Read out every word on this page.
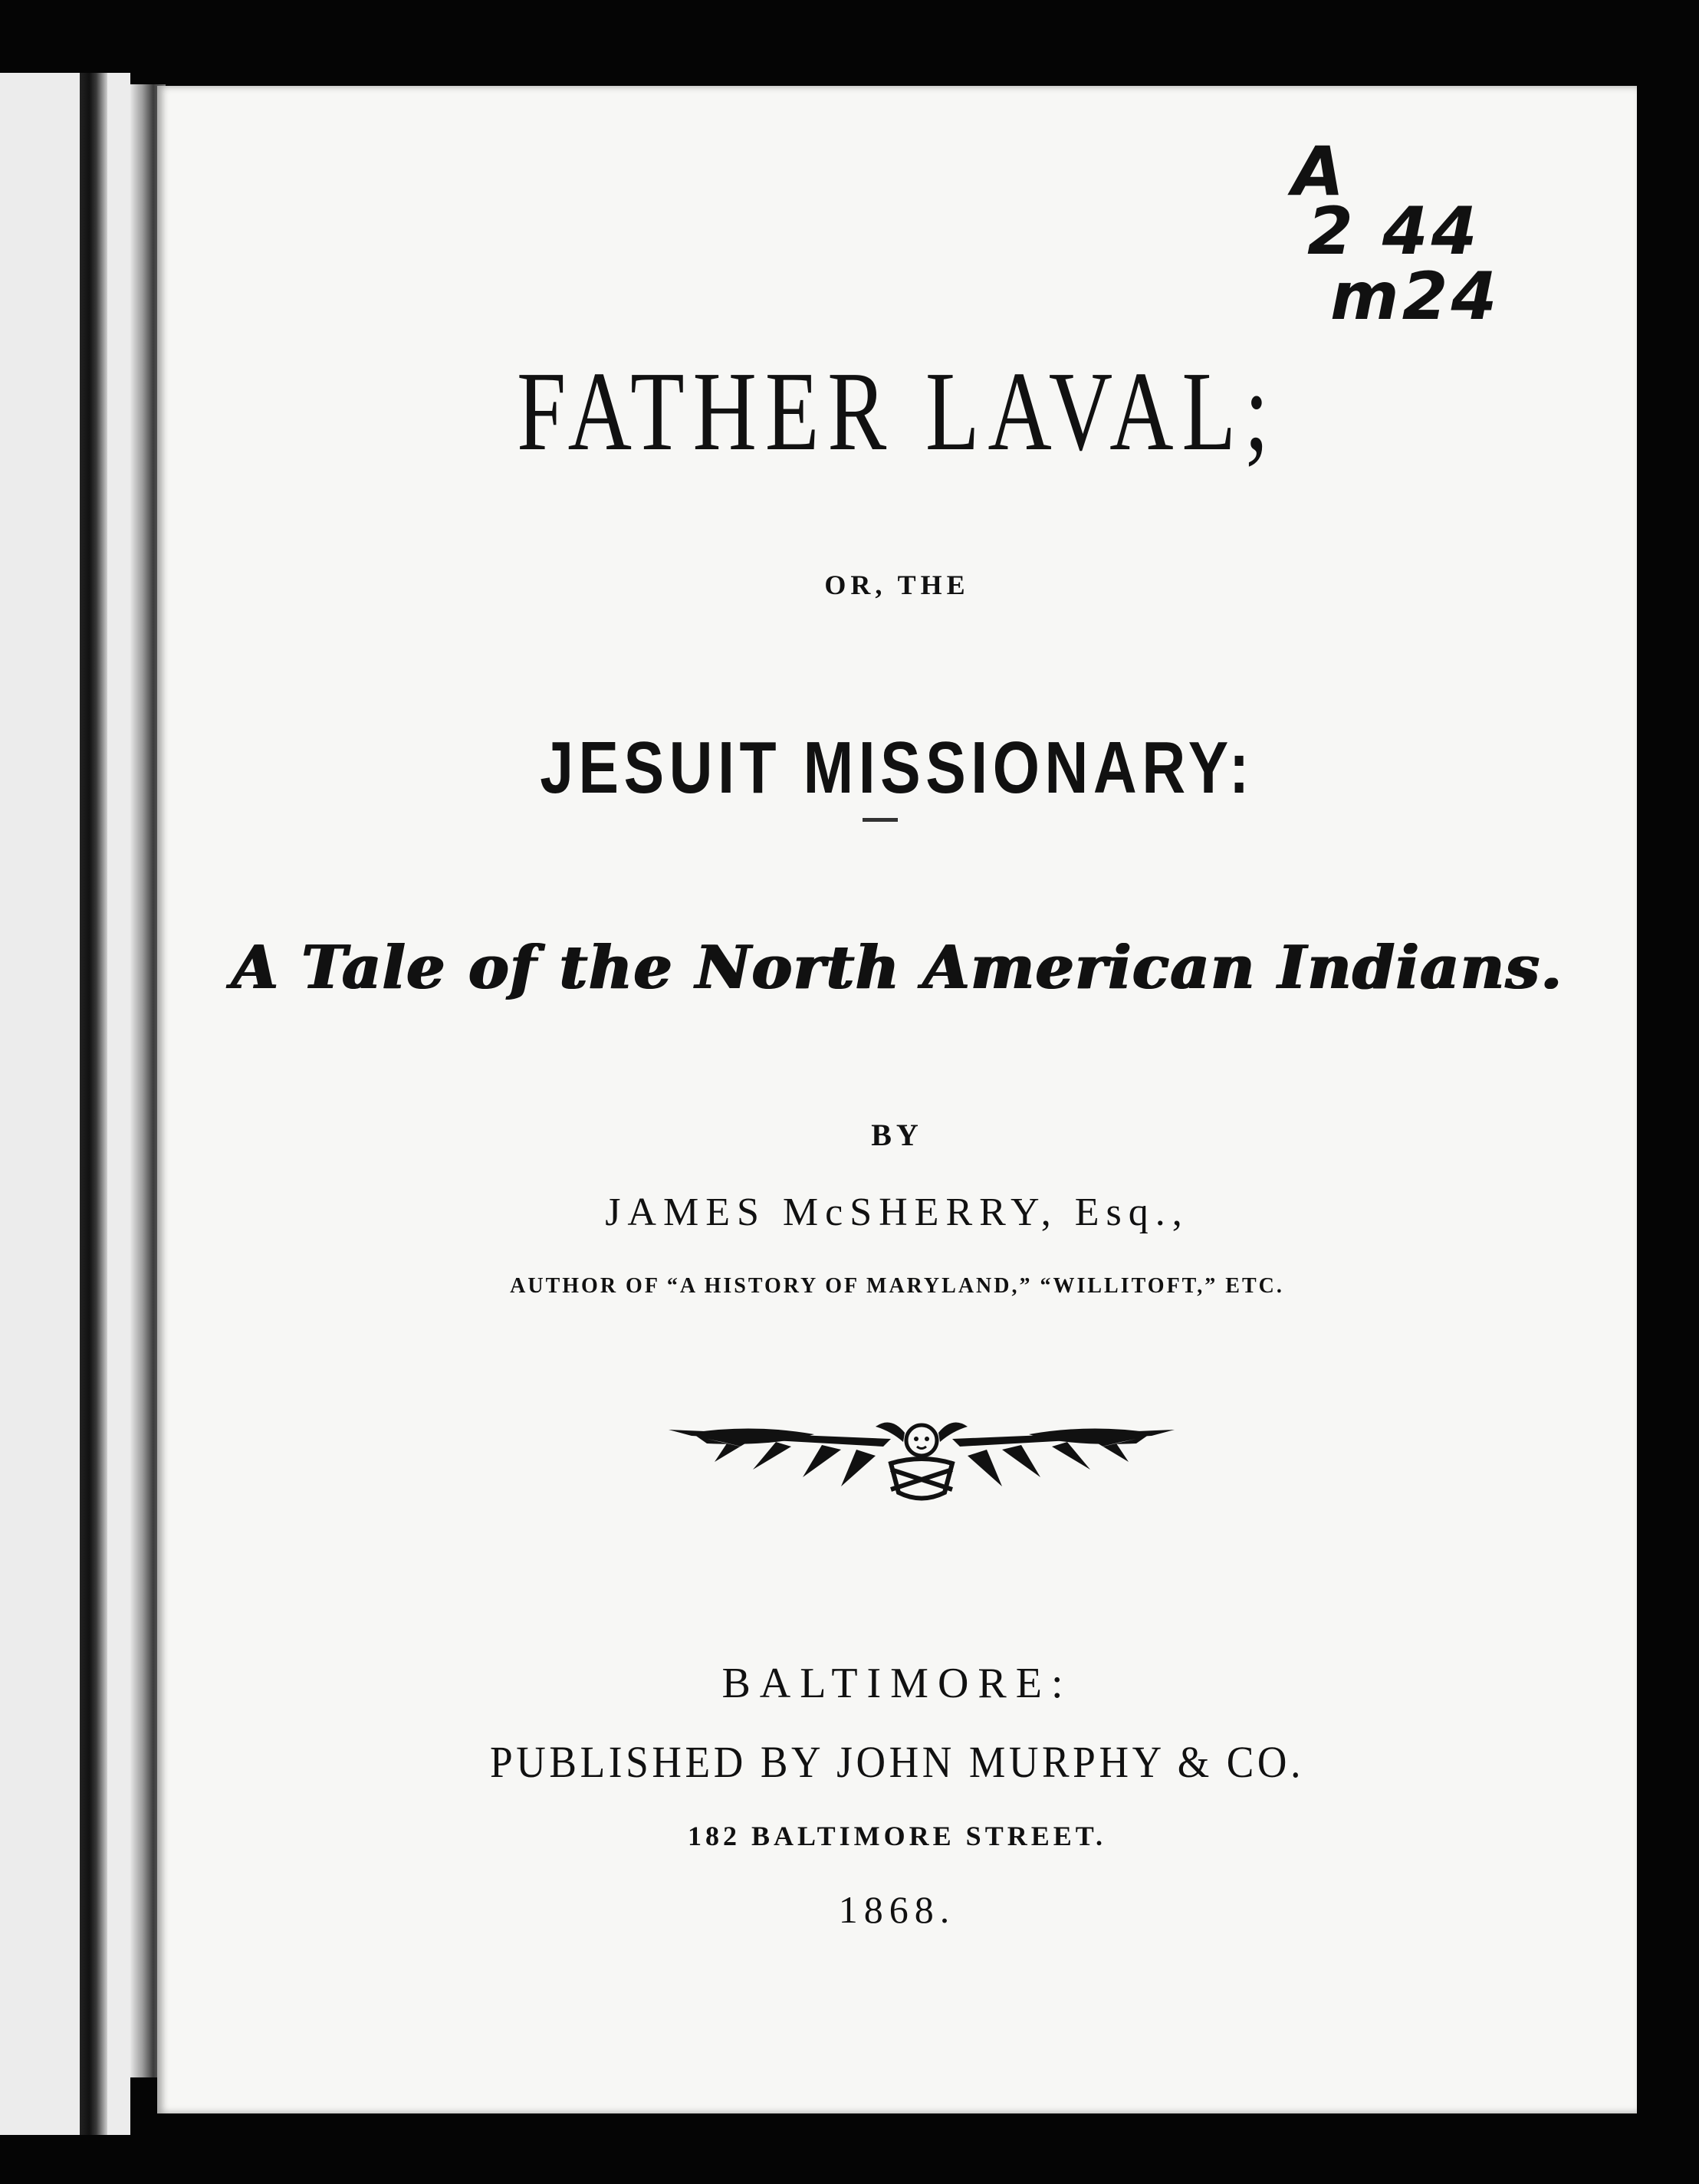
A
2 44
m24
FATHER LAVAL;
OR, THE
JESUIT MISSIONARY:
A Tale of the North American Indians.
BY
JAMES McSHERRY, Esq.,
AUTHOR OF “A HISTORY OF MARYLAND,” “WILLITOFT,” ETC.
BALTIMORE:
PUBLISHED BY JOHN MURPHY & CO.
182 BALTIMORE STREET.
1868.
